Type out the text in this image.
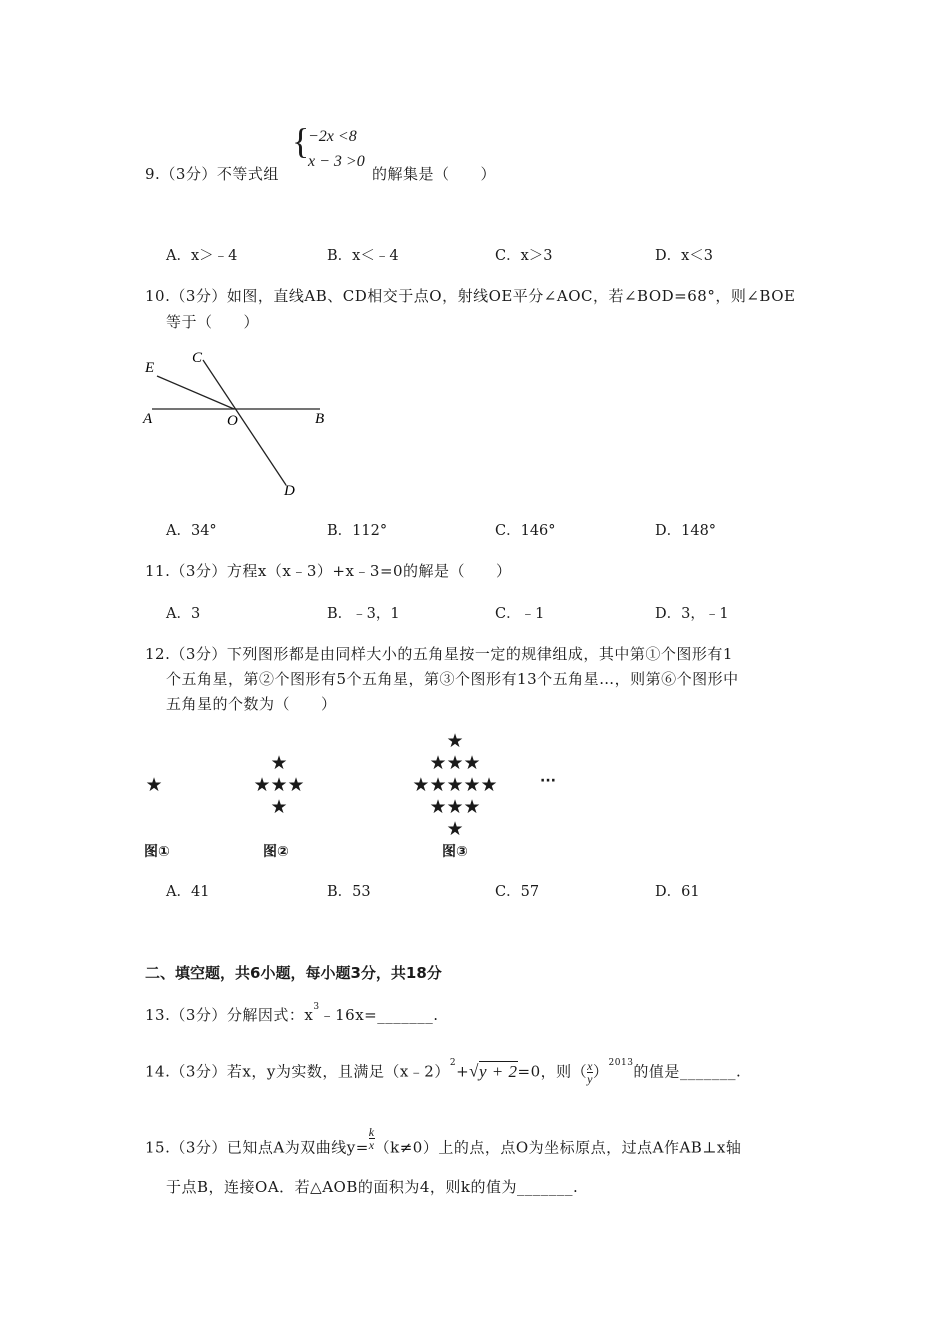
{
−2x <8
x − 3 >0
9.（3分）不等式组	的解集是（　　）
A．x＞﹣4	B．x＜﹣4	C．x＞3	D．x＜3
10.（3分）如图，直线AB、CD相交于点O，射线OE平分∠AOC，若∠BOD=68°，则∠BOE
等于（　　）
E
C
A	O	B
D
A．34°	B．112°	C．146°	D．148°
11.（3分）方程x（x﹣3）+x﹣3=0的解是（　　）
A．3	B．﹣3，1	C．﹣1	D．3，﹣1
12.（3分）下列图形都是由同样大小的五角星按一定的规律组成，其中第①个图形有1
个五角星，第②个图形有5个五角星，第③个图形有13个五角星…，则第⑥个图形中
五角星的个数为（　　）
★
★
★★★
★
★
★★★
★★★★★
★★★
★
···
图①	图②	图③
A．41	B．53	C．57	D．61
二、填空题，共6小题，每小题3分，共18分
13.（3分）分解因式：$x^3﹣16x=\_\_\_\_\_\_\_$.
14.（3分）若x，y为实数，且满足（x﹣2）$^2$+√y + 2=0，则（ $\frac{x}{y} )^{2013}$的值是_______.
15.（3分）已知点A为双曲线$y= \frac{k}{x} (k\ne 0)$上的点，点O为坐标原点，过点A作AB⊥x轴
于点B，连接OA．若△AOB的面积为4，则k的值为_______.
